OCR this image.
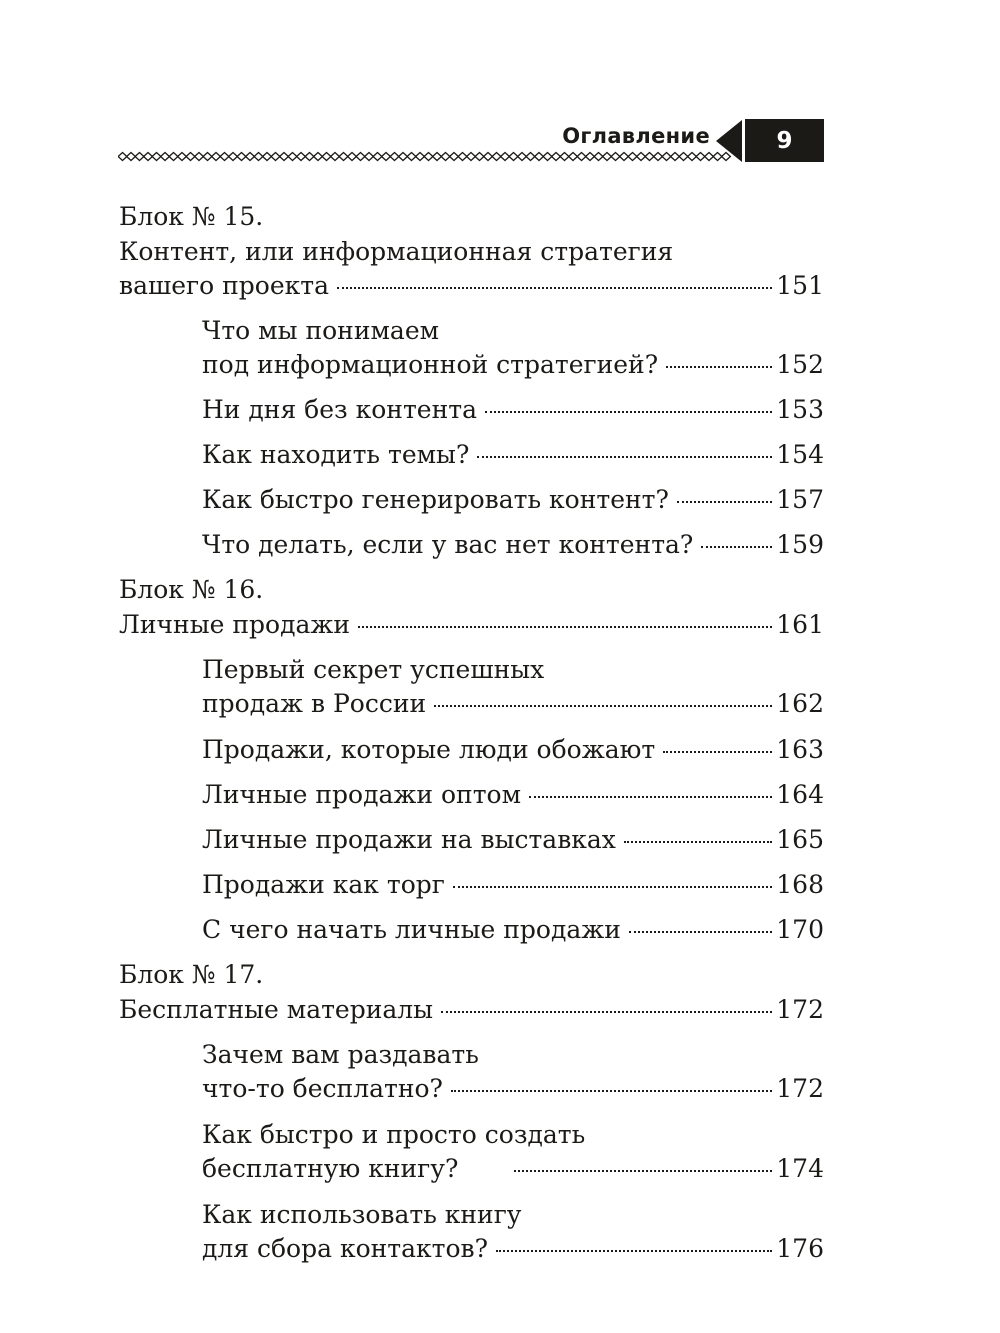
Оглавление	9
Блок № 15.
Контент, или информационная стратегия
вашего проекта	151
Что мы понимаем
под информационной стратегией?	152
Ни дня без контента	153
Как находить темы?	154
Как быстро генерировать контент?	157
Что делать, если у вас нет контента?	159
Блок № 16.
Личные продажи	161
Первый секрет успешных
продаж в России	162
Продажи, которые люди обожают	163
Личные продажи оптом	164
Личные продажи на выставках	165
Продажи как торг	168
С чего начать личные продажи	170
Блок № 17.
Бесплатные материалы	172
Зачем вам раздавать
что-то бесплатно?	172
Как быстро и просто создать
бесплатную книгу?	174
Как использовать книгу
для сбора контактов?	176
